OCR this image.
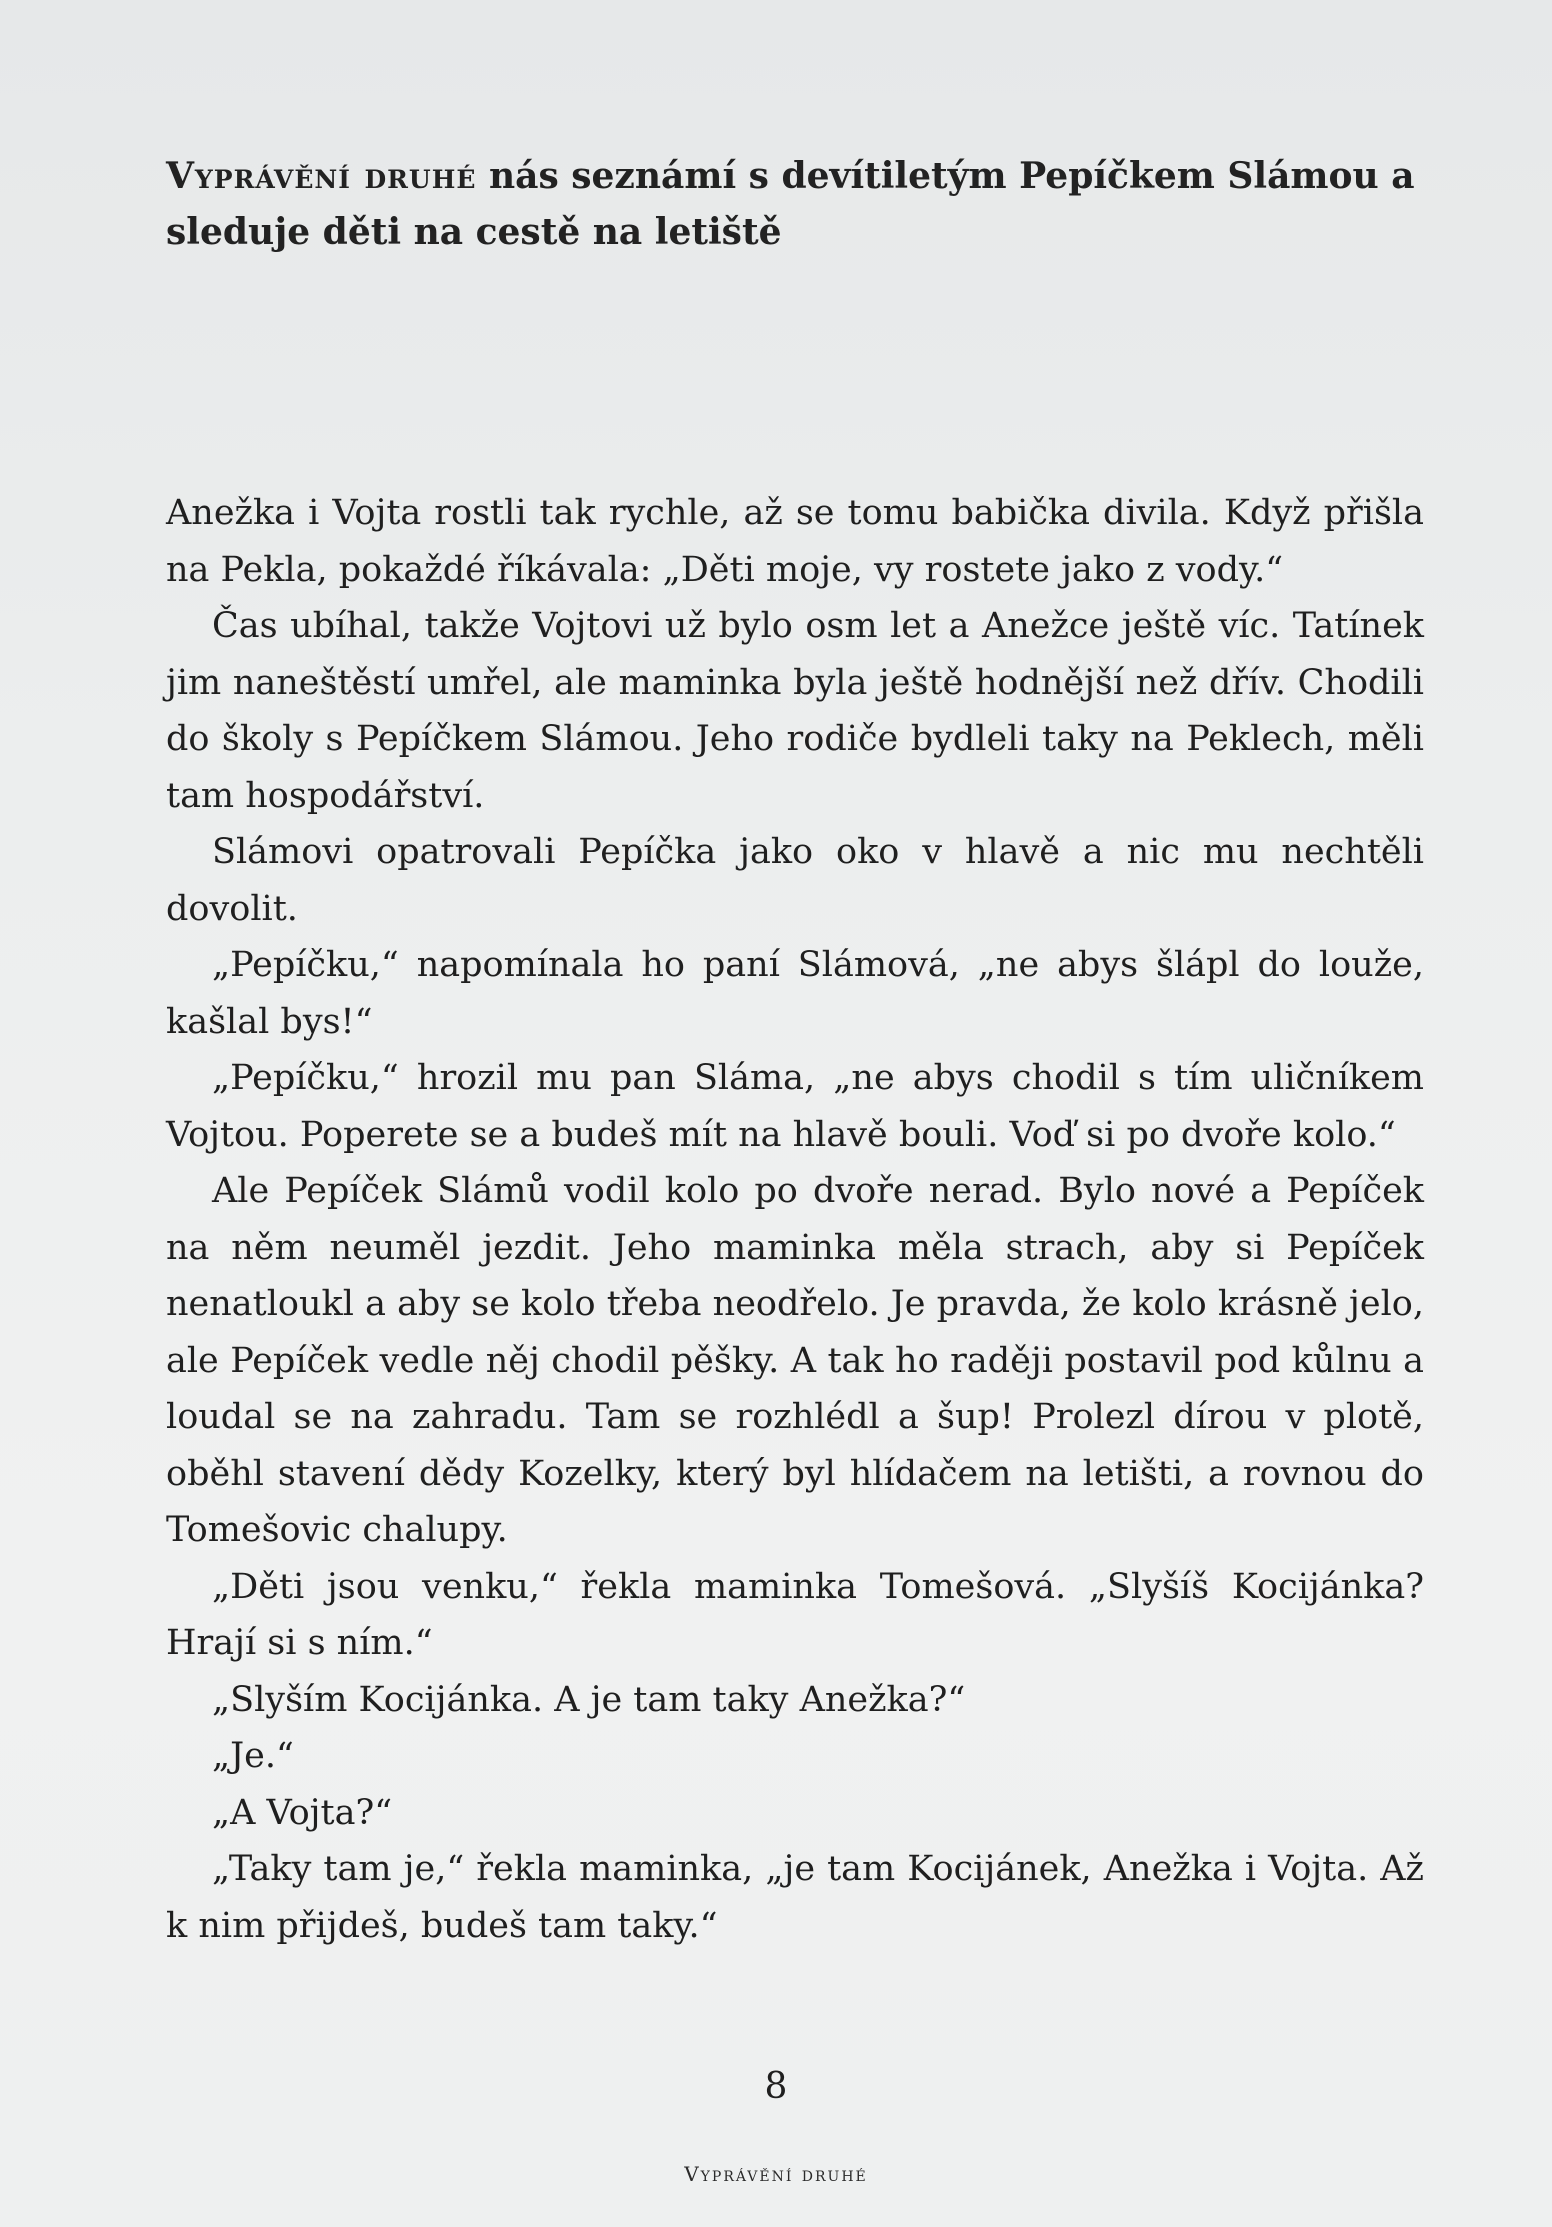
Vyprávění druhé nás seznámí s devítiletým Pepíčkem Slámou a sleduje děti na cestě na letiště

Anežka i Vojta rostli tak rychle, až se tomu babička divila. Když přišla na Pekla, pokaždé říkávala: „Děti moje, vy rostete jako z vody.“

Čas ubíhal, takže Vojtovi už bylo osm let a Anežce ještě víc. Tatínek jim naneštěstí umřel, ale maminka byla ještě hodnější než dřív. Chodili do školy s Pepíčkem Slámou. Jeho rodiče bydleli taky na Peklech, měli tam hospodářství.

Slámovi opatrovali Pepíčka jako oko v hlavě a nic mu nechtěli dovolit.

„Pepíčku,“ napomínala ho paní Slámová, „ne abys šlápl do louže, kašlal bys!“

„Pepíčku,“ hrozil mu pan Sláma, „ne abys chodil s tím uličníkem Vojtou. Poperete se a budeš mít na hlavě bouli. Voď si po dvoře kolo.“

Ale Pepíček Slámů vodil kolo po dvoře nerad. Bylo nové a Pepíček na něm neuměl jezdit. Jeho maminka měla strach, aby si Pepíček nenatloukl a aby se kolo třeba neodřelo. Je pravda, že kolo krásně jelo, ale Pepíček vedle něj chodil pěšky. A tak ho raději postavil pod kůlnu a loudal se na zahradu. Tam se rozhlédl a šup! Prolezl dírou v plotě, oběhl stavení dědy Kozelky, který byl hlídačem na letišti, a rovnou do Tomešovic chalupy.

„Děti jsou venku,“ řekla maminka Tomešová. „Slyšíš Kocijánka? Hrají si s ním.“

„Slyším Kocijánka. A je tam taky Anežka?“

„Je.“

„A Vojta?“

„Taky tam je,“ řekla maminka, „je tam Kocijánek, Anežka i Vojta. Až k nim přijdeš, budeš tam taky.“

8
Vyprávění druhé
